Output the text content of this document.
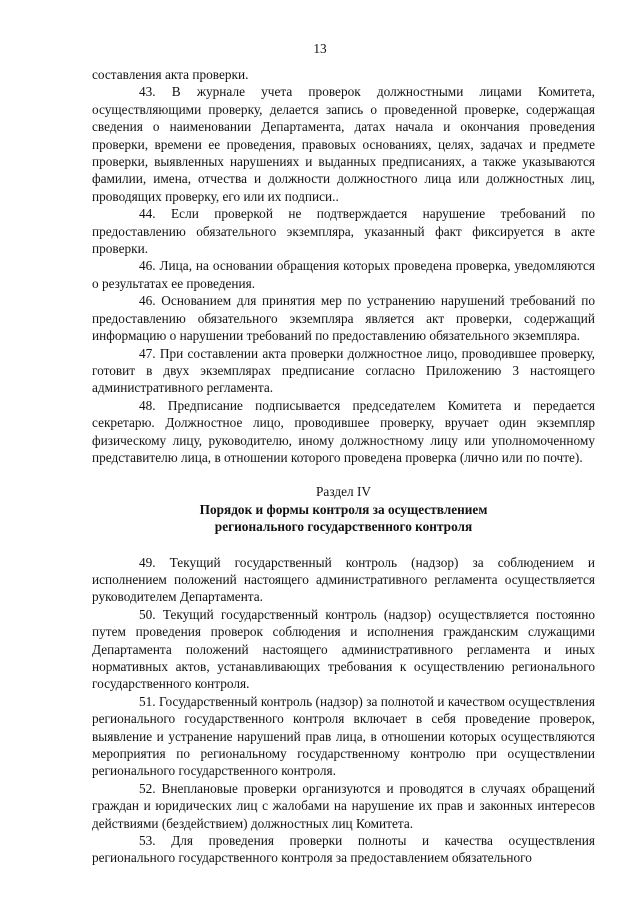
13

составления акта проверки.

43. В журнале учета проверок должностными лицами Комитета, осуществляющими проверку, делается запись о проведенной проверке, содержащая сведения о наименовании Департамента, датах начала и окончания проведения проверки, времени ее проведения, правовых основаниях, целях, задачах и предмете проверки, выявленных нарушениях и выданных предписаниях, а также указываются фамилии, имена, отчества и должности должностного лица или должностных лиц, проводящих проверку, его или их подписи..

44. Если проверкой не подтверждается нарушение требований по предоставлению обязательного экземпляра, указанный факт фиксируется в акте проверки.

46. Лица, на основании обращения которых проведена проверка, уведомляются о результатах ее проведения.

46. Основанием для принятия мер по устранению нарушений требований по предоставлению обязательного экземпляра является акт проверки, содержащий информацию о нарушении требований по предоставлению обязательного экземпляра.

47. При составлении акта проверки должностное лицо, проводившее проверку, готовит в двух экземплярах предписание согласно Приложению 3 настоящего административного регламента.

48. Предписание подписывается председателем Комитета и передается секретарю. Должностное лицо, проводившее проверку, вручает один экземпляр физическому лицу, руководителю, иному должностному лицу или уполномоченному представителю лица, в отношении которого проведена проверка (лично или по почте).

Раздел IV
Порядок и формы контроля за осуществлением
регионального государственного контроля

49. Текущий государственный контроль (надзор) за соблюдением и исполнением положений настоящего административного регламента осуществляется руководителем Департамента.

50. Текущий государственный контроль (надзор) осуществляется постоянно путем проведения проверок соблюдения и исполнения гражданским служащими Департамента положений настоящего административного регламента и иных нормативных актов, устанавливающих требования к осуществлению регионального государственного контроля.

51. Государственный контроль (надзор) за полнотой и качеством осуществления регионального государственного контроля включает в себя проведение проверок, выявление и устранение нарушений прав лица, в отношении которых осуществляются мероприятия по региональному государственному контролю при осуществлении регионального государственного контроля.

52. Внеплановые проверки организуются и проводятся в случаях обращений граждан и юридических лиц с жалобами на нарушение их прав и законных интересов действиями (бездействием) должностных лиц Комитета.

53. Для проведения проверки полноты и качества осуществления регионального государственного контроля за предоставлением обязательного
